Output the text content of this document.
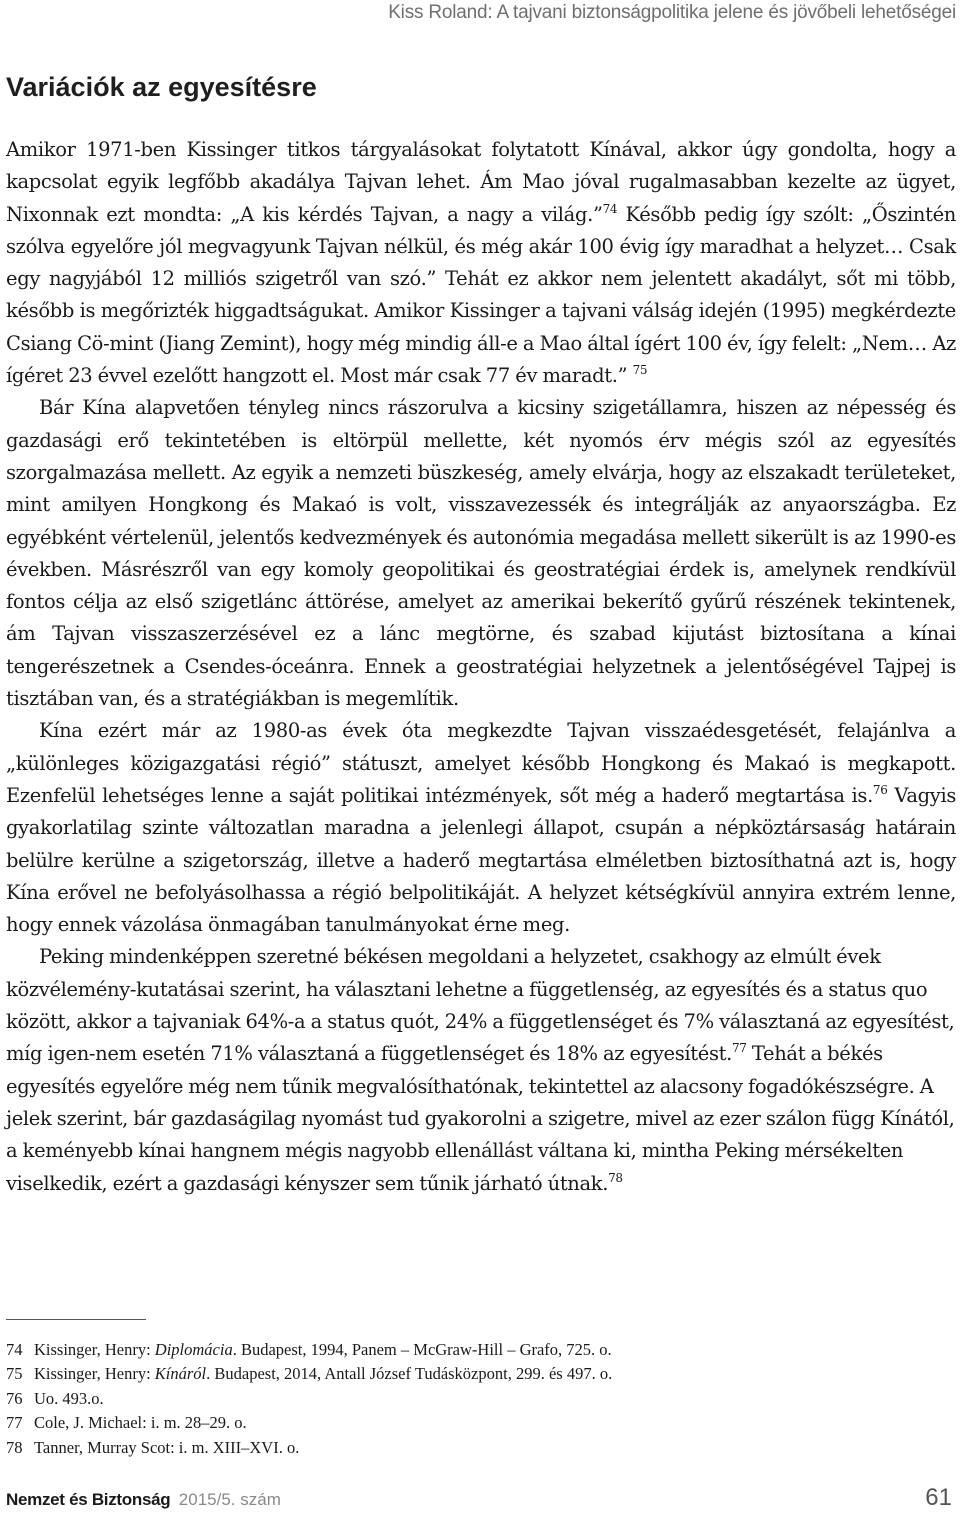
Kiss Roland: A tajvani biztonságpolitika jelene és jövőbeli lehetőségei
Variációk az egyesítésre

Amikor 1971-ben Kissinger titkos tárgyalásokat folytatott Kínával, akkor úgy gondolta, hogy a kapcsolat egyik legfőbb akadálya Tajvan lehet. Ám Mao jóval rugalmasabban kezelte az ügyet, Nixonnak ezt mondta: „A kis kérdés Tajvan, a nagy a világ.”$^{74}$ Később pedig így szólt: „Őszintén szólva egyelőre jól megvagyunk Tajvan nélkül, és még akár 100 évig így maradhat a helyzet… Csak egy nagyjából 12 milliós szigetről van szó.” Tehát ez akkor nem jelentett akadályt, sőt mi több, később is megőrizték higgadtságukat. Amikor Kissinger a tajvani válság idején (1995) megkérdezte Csiang Cö-mint (Jiang Zemint), hogy még mindig áll-e a Mao által ígért 100 év, így felelt: „Nem… Az ígéret 23 évvel ezelőtt hangzott el. Most már csak 77 év maradt.” $^{75}$

Bár Kína alapvetően tényleg nincs rászorulva a kicsiny szigetállamra, hiszen az népesség és gazdasági erő tekintetében is eltörpül mellette, két nyomós érv mégis szól az egyesítés szorgalmazása mellett. Az egyik a nemzeti büszkeség, amely elvárja, hogy az elszakadt területeket, mint amilyen Hongkong és Makaó is volt, visszavezessék és integrálják az anyaországba. Ez egyébként vértelenül, jelentős kedvezmények és autonómia megadása mellett sikerült is az 1990-es években. Másrészről van egy komoly geopolitikai és geostratégiai érdek is, amelynek rendkívül fontos célja az első szigetlánc áttörése, amelyet az amerikai bekerítő gyűrű részének tekintenek, ám Tajvan visszaszerzésével ez a lánc megtörne, és szabad kijutást biztosítana a kínai tengerészetnek a Csendes-óceánra. Ennek a geostratégiai helyzetnek a jelentőségével Tajpej is tisztában van, és a stratégiákban is megemlítik.

Kína ezért már az 1980-as évek óta megkezdte Tajvan visszaédesgetését, felajánlva a „különleges közigazgatási régió” státuszt, amelyet később Hongkong és Makaó is megkapott. Ezenfelül lehetséges lenne a saját politikai intézmények, sőt még a haderő megtartása is.$^{76}$ Vagyis gyakorlatilag szinte változatlan maradna a jelenlegi állapot, csupán a népköztársaság határain belülre kerülne a szigetország, illetve a haderő megtartása elméletben biztosíthatná azt is, hogy Kína erővel ne befolyásolhassa a régió belpolitikáját. A helyzet kétségkívül annyira extrém lenne, hogy ennek vázolása önmagában tanulmányokat érne meg.

Peking mindenképpen szeretné békésen megoldani a helyzetet, csakhogy az elmúlt évek közvélemény-kutatásai szerint, ha választani lehetne a függetlenség, az egyesítés és a status quo között, akkor a tajvaniak 64%-a a status quót, 24% a függetlenséget és 7% választaná az egyesítést, míg igen-nem esetén 71% választaná a függetlenséget és 18% az egyesítést.$^{77}$ Tehát a békés egyesítés egyelőre még nem tűnik megvalósíthatónak, tekintettel az alacsony fogadókészségre. A jelek szerint, bár gazdaságilag nyomást tud gyakorolni a szigetre, mivel az ezer szálon függ Kínától, a keményebb kínai hangnem mégis nagyobb ellenállást váltana ki, mintha Peking mérsékelten viselkedik, ezért a gazdasági kényszer sem tűnik járható útnak.$^{78}$

74 Kissinger, Henry: Diplomácia. Budapest, 1994, Panem – McGraw-Hill – Grafo, 725. o.
75 Kissinger, Henry: Kínáról. Budapest, 2014, Antall József Tudásközpont, 299. és 497. o.
76 Uo. 493.o.
77 Cole, J. Michael: i. m. 28–29. o.
78 Tanner, Murray Scot: i. m. XIII–XVI. o.
Nemzet és Biztonság 2015/5. szám	61
